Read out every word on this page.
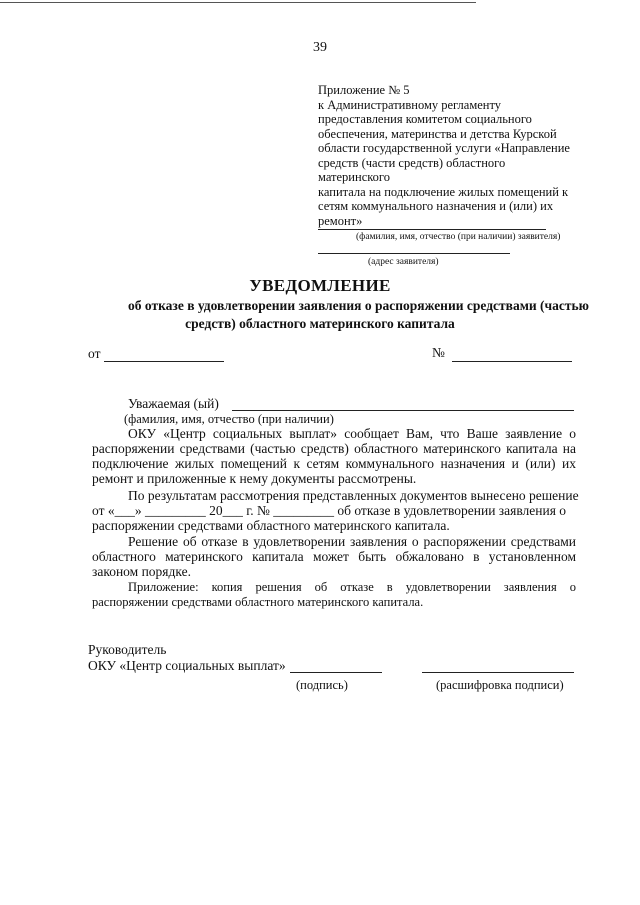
39
Приложение № 5
к Административному регламенту
предоставления комитетом социального
обеспечения, материнства и детства Курской
области государственной услуги «Направление
средств (части средств) областного материнского
капитала на подключение жилых помещений к
сетям коммунального назначения и (или) их
ремонт»
(фамилия, имя, отчество (при наличии) заявителя)
(адрес заявителя)
УВЕДОМЛЕНИЕ
об отказе в удовлетворении заявления о распоряжении средствами (частью
средств) областного материнского капитала
от	№
Уважаемая (ый)
(фамилия, имя, отчество (при наличии)
ОКУ «Центр социальных выплат» сообщает Вам, что Ваше заявление о распоряжении средствами (частью средств) областного материнского капитала на подключение жилых помещений к сетям коммунального назначения и (или) их ремонт и приложенные к нему документы рассмотрены.
По результатам рассмотрения представленных документов вынесено решение
от «___» _________ 20___ г. № _________ об отказе в удовлетворении заявления о
распоряжении средствами областного материнского капитала.
Решение об отказе в удовлетворении заявления о распоряжении средствами областного материнского капитала может быть обжаловано в установленном законом порядке.
Приложение: копия решения об отказе в удовлетворении заявления о распоряжении средствами областного материнского капитала.
Руководитель
ОКУ «Центр социальных выплат»
(подпись)	(расшифровка подписи)
